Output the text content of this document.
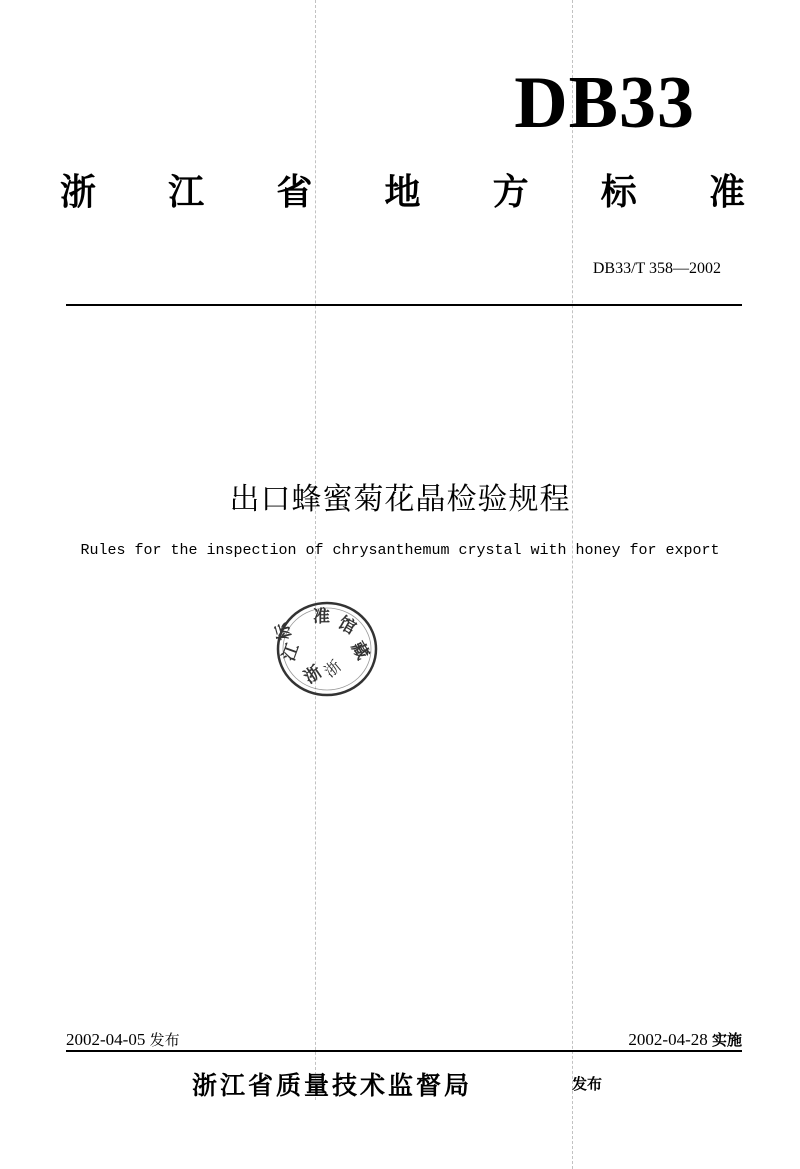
DB33
浙 江 省 地 方 标 准
DB33/T 358—2002
出口蜂蜜菊花晶检验规程
Rules for the inspection of chrysanthemum crystal with honey for export
浙
江
标
准 馆
藏
浙
2002-04-05 发布	2002-04-28 实施
浙江省质量技术监督局	发布
